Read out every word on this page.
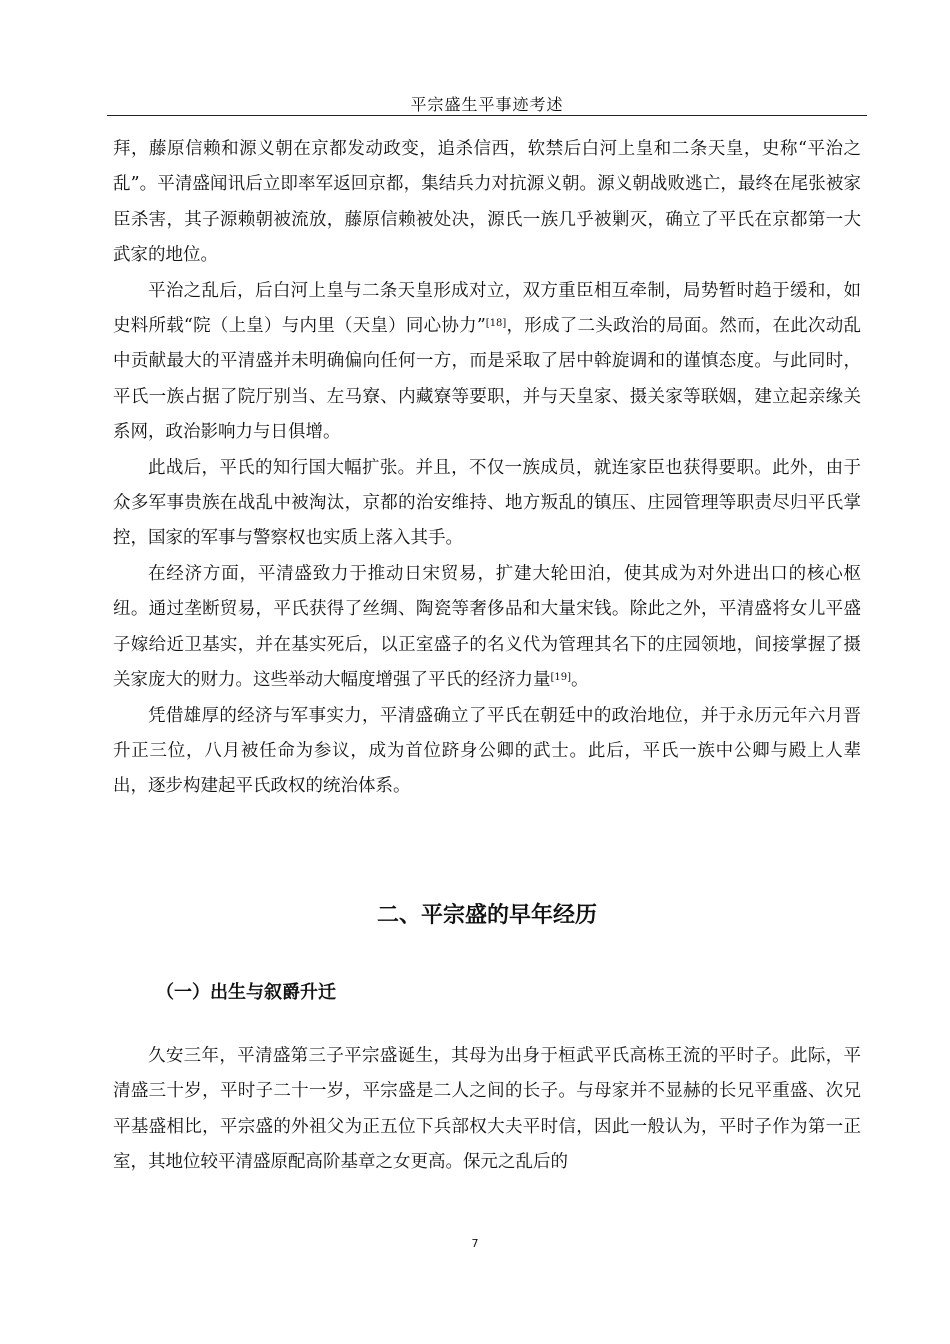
平宗盛生平事迹考述

拜，藤原信赖和源义朝在京都发动政变，追杀信西，软禁后白河上皇和二条天皇，史称“平治之乱”。平清盛闻讯后立即率军返回京都，集结兵力对抗源义朝。源义朝战败逃亡，最终在尾张被家臣杀害，其子源赖朝被流放，藤原信赖被处决，源氏一族几乎被剿灭，确立了平氏在京都第一大武家的地位。

平治之乱后，后白河上皇与二条天皇形成对立，双方重臣相互牵制，局势暂时趋于缓和，如史料所载“院（上皇）与内里（天皇）同心协力”[18]，形成了二头政治的局面。然而，在此次动乱中贡献最大的平清盛并未明确偏向任何一方，而是采取了居中斡旋调和的谨慎态度。与此同时，平氏一族占据了院厅别当、左马寮、内藏寮等要职，并与天皇家、摄关家等联姻，建立起亲缘关系网，政治影响力与日俱增。

此战后，平氏的知行国大幅扩张。并且，不仅一族成员，就连家臣也获得要职。此外，由于众多军事贵族在战乱中被淘汰，京都的治安维持、地方叛乱的镇压、庄园管理等职责尽归平氏掌控，国家的军事与警察权也实质上落入其手。

在经济方面，平清盛致力于推动日宋贸易，扩建大轮田泊，使其成为对外进出口的核心枢纽。通过垄断贸易，平氏获得了丝绸、陶瓷等奢侈品和大量宋钱。除此之外，平清盛将女儿平盛子嫁给近卫基实，并在基实死后，以正室盛子的名义代为管理其名下的庄园领地，间接掌握了摄关家庞大的财力。这些举动大幅度增强了平氏的经济力量[19]。

凭借雄厚的经济与军事实力，平清盛确立了平氏在朝廷中的政治地位，并于永历元年六月晋升正三位，八月被任命为参议，成为首位跻身公卿的武士。此后，平氏一族中公卿与殿上人辈出，逐步构建起平氏政权的统治体系。

二、平宗盛的早年经历
（一）出生与叙爵升迁

久安三年，平清盛第三子平宗盛诞生，其母为出身于桓武平氏高栋王流的平时子。此际，平清盛三十岁，平时子二十一岁，平宗盛是二人之间的长子。与母家并不显赫的长兄平重盛、次兄平基盛相比，平宗盛的外祖父为正五位下兵部权大夫平时信，因此一般认为，平时子作为第一正室，其地位较平清盛原配高阶基章之女更高。保元之乱后的

7
